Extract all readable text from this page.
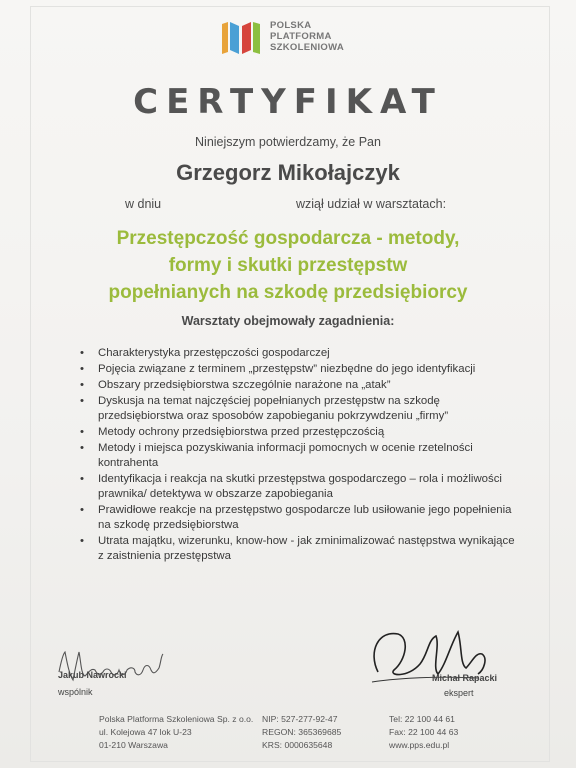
POLSKA
PLATFORMA
SZKOLENIOWA
CERTYFIKAT
Niniejszym potwierdzamy, że Pan
Grzegorz Mikołajczyk
w dniu	wziął udział w warsztatach:
Przestępczość gospodarcza - metody,
formy i skutki przestępstw
popełnianych na szkodę przedsiębiorcy
Warsztaty obejmowały zagadnienia:
• Charakterystyka przestępczości gospodarczej
• Pojęcia związane z terminem „przestępstw” niezbędne do jego identyfikacji
• Obszary przedsiębiorstwa szczególnie narażone na „atak”
• Dyskusja na temat najczęściej popełnianych przestępstw na szkodę przedsiębiorstwa oraz sposobów zapobieganiu pokrzywdzeniu „firmy”
• Metody ochrony przedsiębiorstwa przed przestępczością
• Metody i miejsca pozyskiwania informacji pomocnych w ocenie rzetelności kontrahenta
• Identyfikacja i reakcja na skutki przestępstwa gospodarczego – rola i możliwości prawnika/ detektywa w obszarze zapobiegania
• Prawidłowe reakcje na przestępstwo gospodarcze lub usiłowanie jego popełnienia na szkodę przedsiębiorstwa
• Utrata majątku, wizerunku, know-how - jak zminimalizować następstwa wynikające z zaistnienia przestępstwa
Jakub Nawrocki
wspólnik
Michał Rapacki
ekspert
Polska Platforma Szkoleniowa Sp. z o.o.
ul. Kolejowa 47 lok U-23
01-210 Warszawa
NIP: 527-277-92-47
REGON: 365369685
KRS: 0000635648
Tel: 22 100 44 61
Fax: 22 100 44 63
www.pps.edu.pl
